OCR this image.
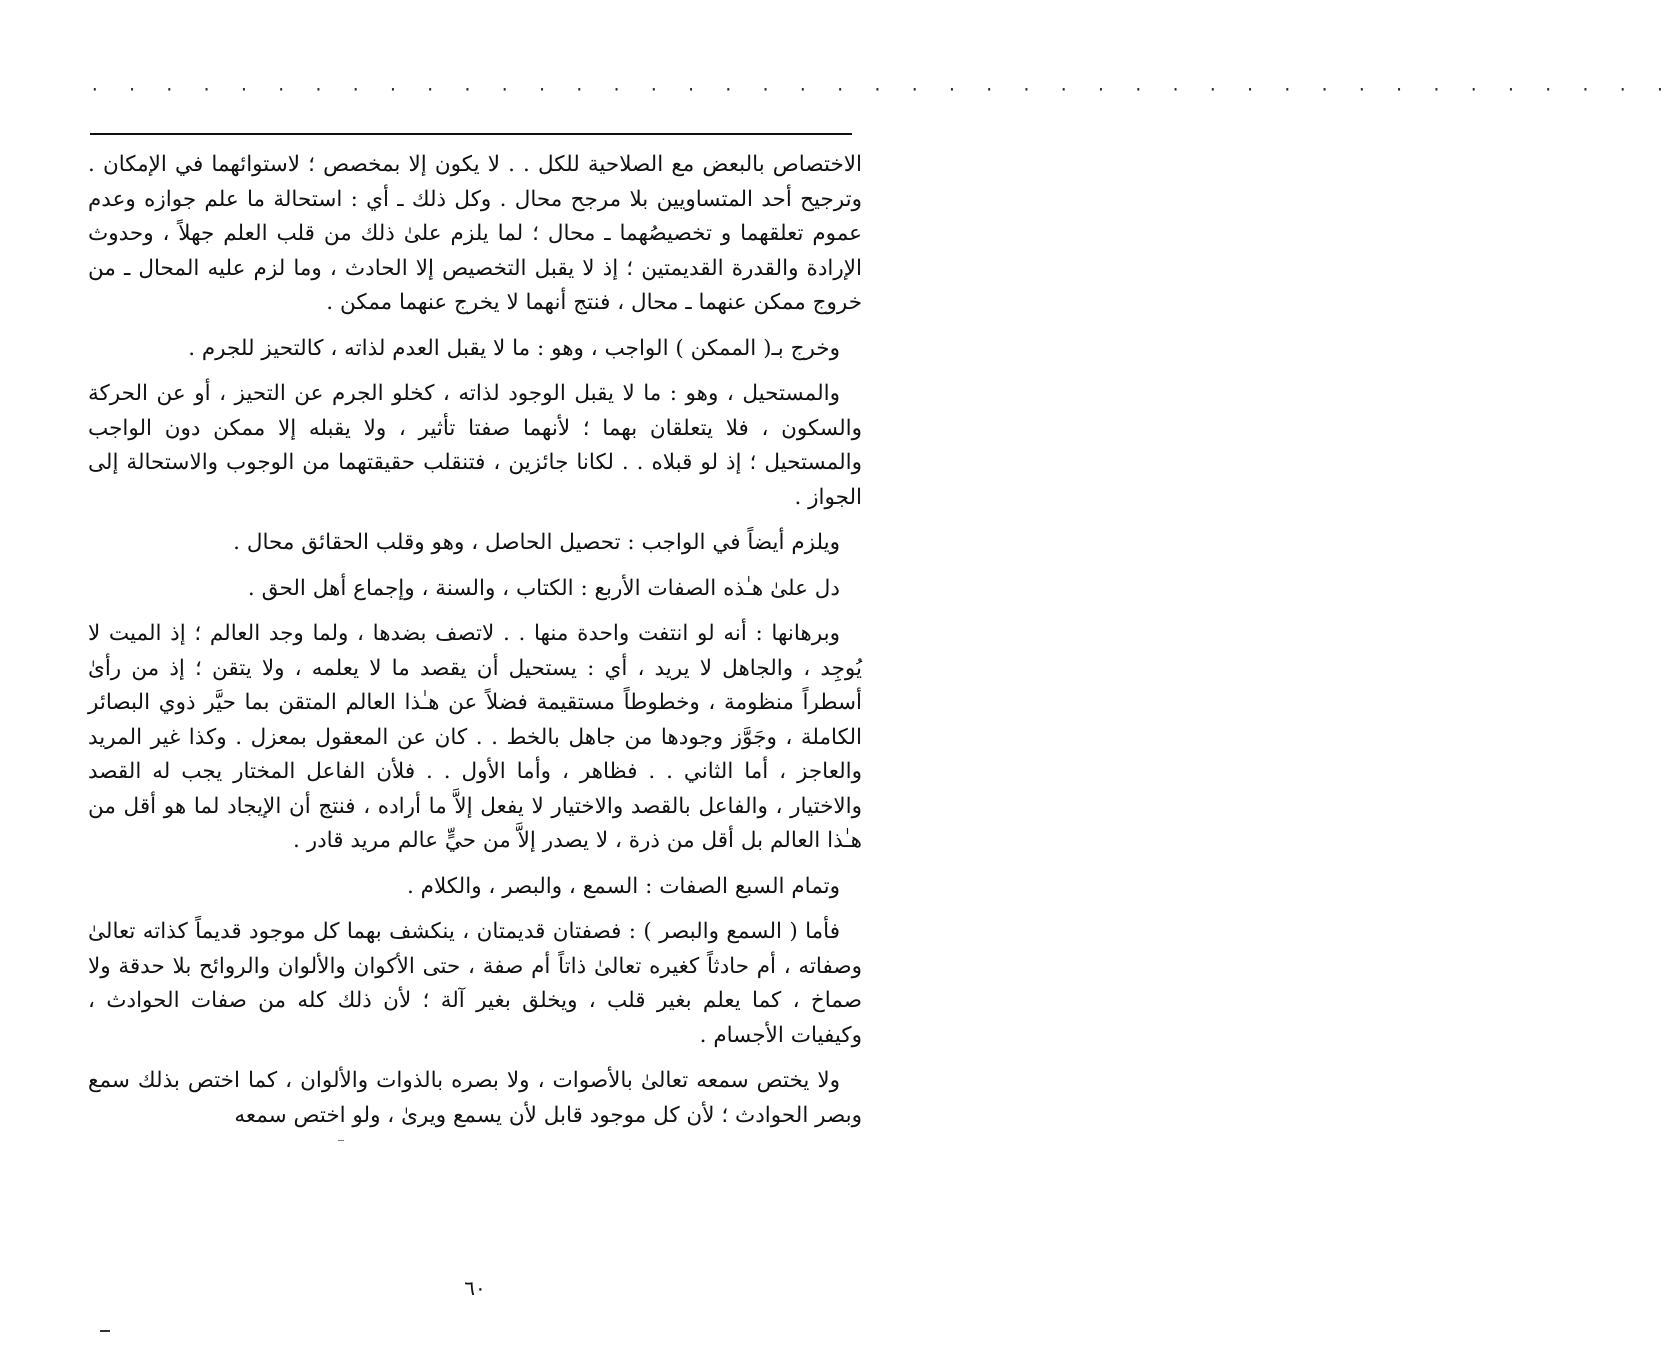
· · · · · · · · · · · · · · · · · · · · · · · · · · · · · · · · · · · · · · · · · · ·

الاختصاص بالبعض مع الصلاحية للكل . . لا يكون إلا بمخصص ؛ لاستوائهما في الإمكان . وترجيح أحد المتساويين بلا مرجح محال . وكل ذلك ـ أي : استحالة ما علم جوازه وعدم عموم تعلقهما و تخصيصُهما ـ محال ؛ لما يلزم علىٰ ذلك من قلب العلم جهلاً ، وحدوث الإرادة والقدرة القديمتين ؛ إذ لا يقبل التخصيص إلا الحادث ، وما لزم عليه المحال ـ من خروج ممكن عنهما ـ محال ، فنتج أنهما لا يخرج عنهما ممكن .

وخرج بـ( الممكن ) الواجب ، وهو : ما لا يقبل العدم لذاته ، كالتحيز للجرم .

والمستحيل ، وهو : ما لا يقبل الوجود لذاته ، كخلو الجرم عن التحيز ، أو عن الحركة والسكون ، فلا يتعلقان بهما ؛ لأنهما صفتا تأثير ، ولا يقبله إلا ممكن دون الواجب والمستحيل ؛ إذ لو قبلاه . . لكانا جائزين ، فتنقلب حقيقتهما من الوجوب والاستحالة إلى الجواز .

ويلزم أيضاً في الواجب : تحصيل الحاصل ، وهو وقلب الحقائق محال .

دل علىٰ هـٰذه الصفات الأربع : الكتاب ، والسنة ، وإجماع أهل الحق .

وبرهانها : أنه لو انتفت واحدة منها . . لاتصف بضدها ، ولما وجد العالم ؛ إذ الميت لا يُوجِد ، والجاهل لا يريد ، أي : يستحيل أن يقصد ما لا يعلمه ، ولا يتقن ؛ إذ من رأىٰ أسطراً منظومة ، وخطوطاً مستقيمة فضلاً عن هـٰذا العالم المتقن بما حيَّر ذوي البصائر الكاملة ، وجَوَّز وجودها من جاهل بالخط . . كان عن المعقول بمعزل . وكذا غير المريد والعاجز ، أما الثاني . . فظاهر ، وأما الأول . . فلأن الفاعل المختار يجب له القصد والاختيار ، والفاعل بالقصد والاختيار لا يفعل إلاَّ ما أراده ، فنتج أن الإيجاد لما هو أقل من هـٰذا العالم بل أقل من ذرة ، لا يصدر إلاَّ من حيٍّ عالم مريد قادر .

وتمام السبع الصفات : السمع ، والبصر ، والكلام .

فأما ( السمع والبصر ) : فصفتان قديمتان ، ينكشف بهما كل موجود قديماً كذاته تعالىٰ وصفاته ، أم حادثاً كغيره تعالىٰ ذاتاً أم صفة ، حتى الأكوان والألوان والروائح بلا حدقة ولا صماخ ، كما يعلم بغير قلب ، ويخلق بغير آلة ؛ لأن ذلك كله من صفات الحوادث ، وكيفيات الأجسام .

ولا يختص سمعه تعالىٰ بالأصوات ، ولا بصره بالذوات والألوان ، كما اختص بذلك سمع وبصر الحوادث ؛ لأن كل موجود قابل لأن يسمع ويرىٰ ، ولو اختص سمعه

٦٠
